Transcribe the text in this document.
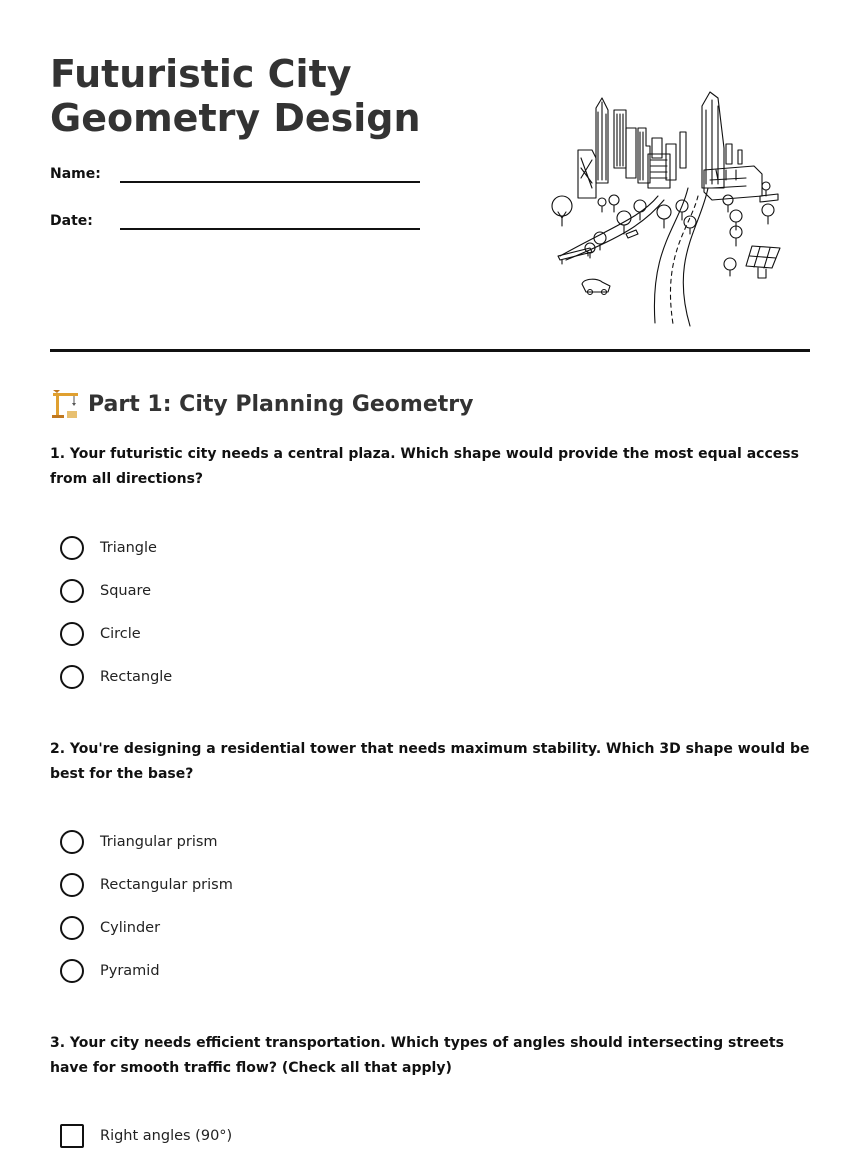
Futuristic City Geometry Design
Name:
Date:
Part 1: City Planning Geometry
1. Your futuristic city needs a central plaza. Which shape would provide the most equal access from all directions?
Triangle
Square
Circle
Rectangle
2. You're designing a residential tower that needs maximum stability. Which 3D shape would be best for the base?
Triangular prism
Rectangular prism
Cylinder
Pyramid
3. Your city needs efficient transportation. Which types of angles should intersecting streets have for smooth traffic flow? (Check all that apply)
Right angles (90°)
